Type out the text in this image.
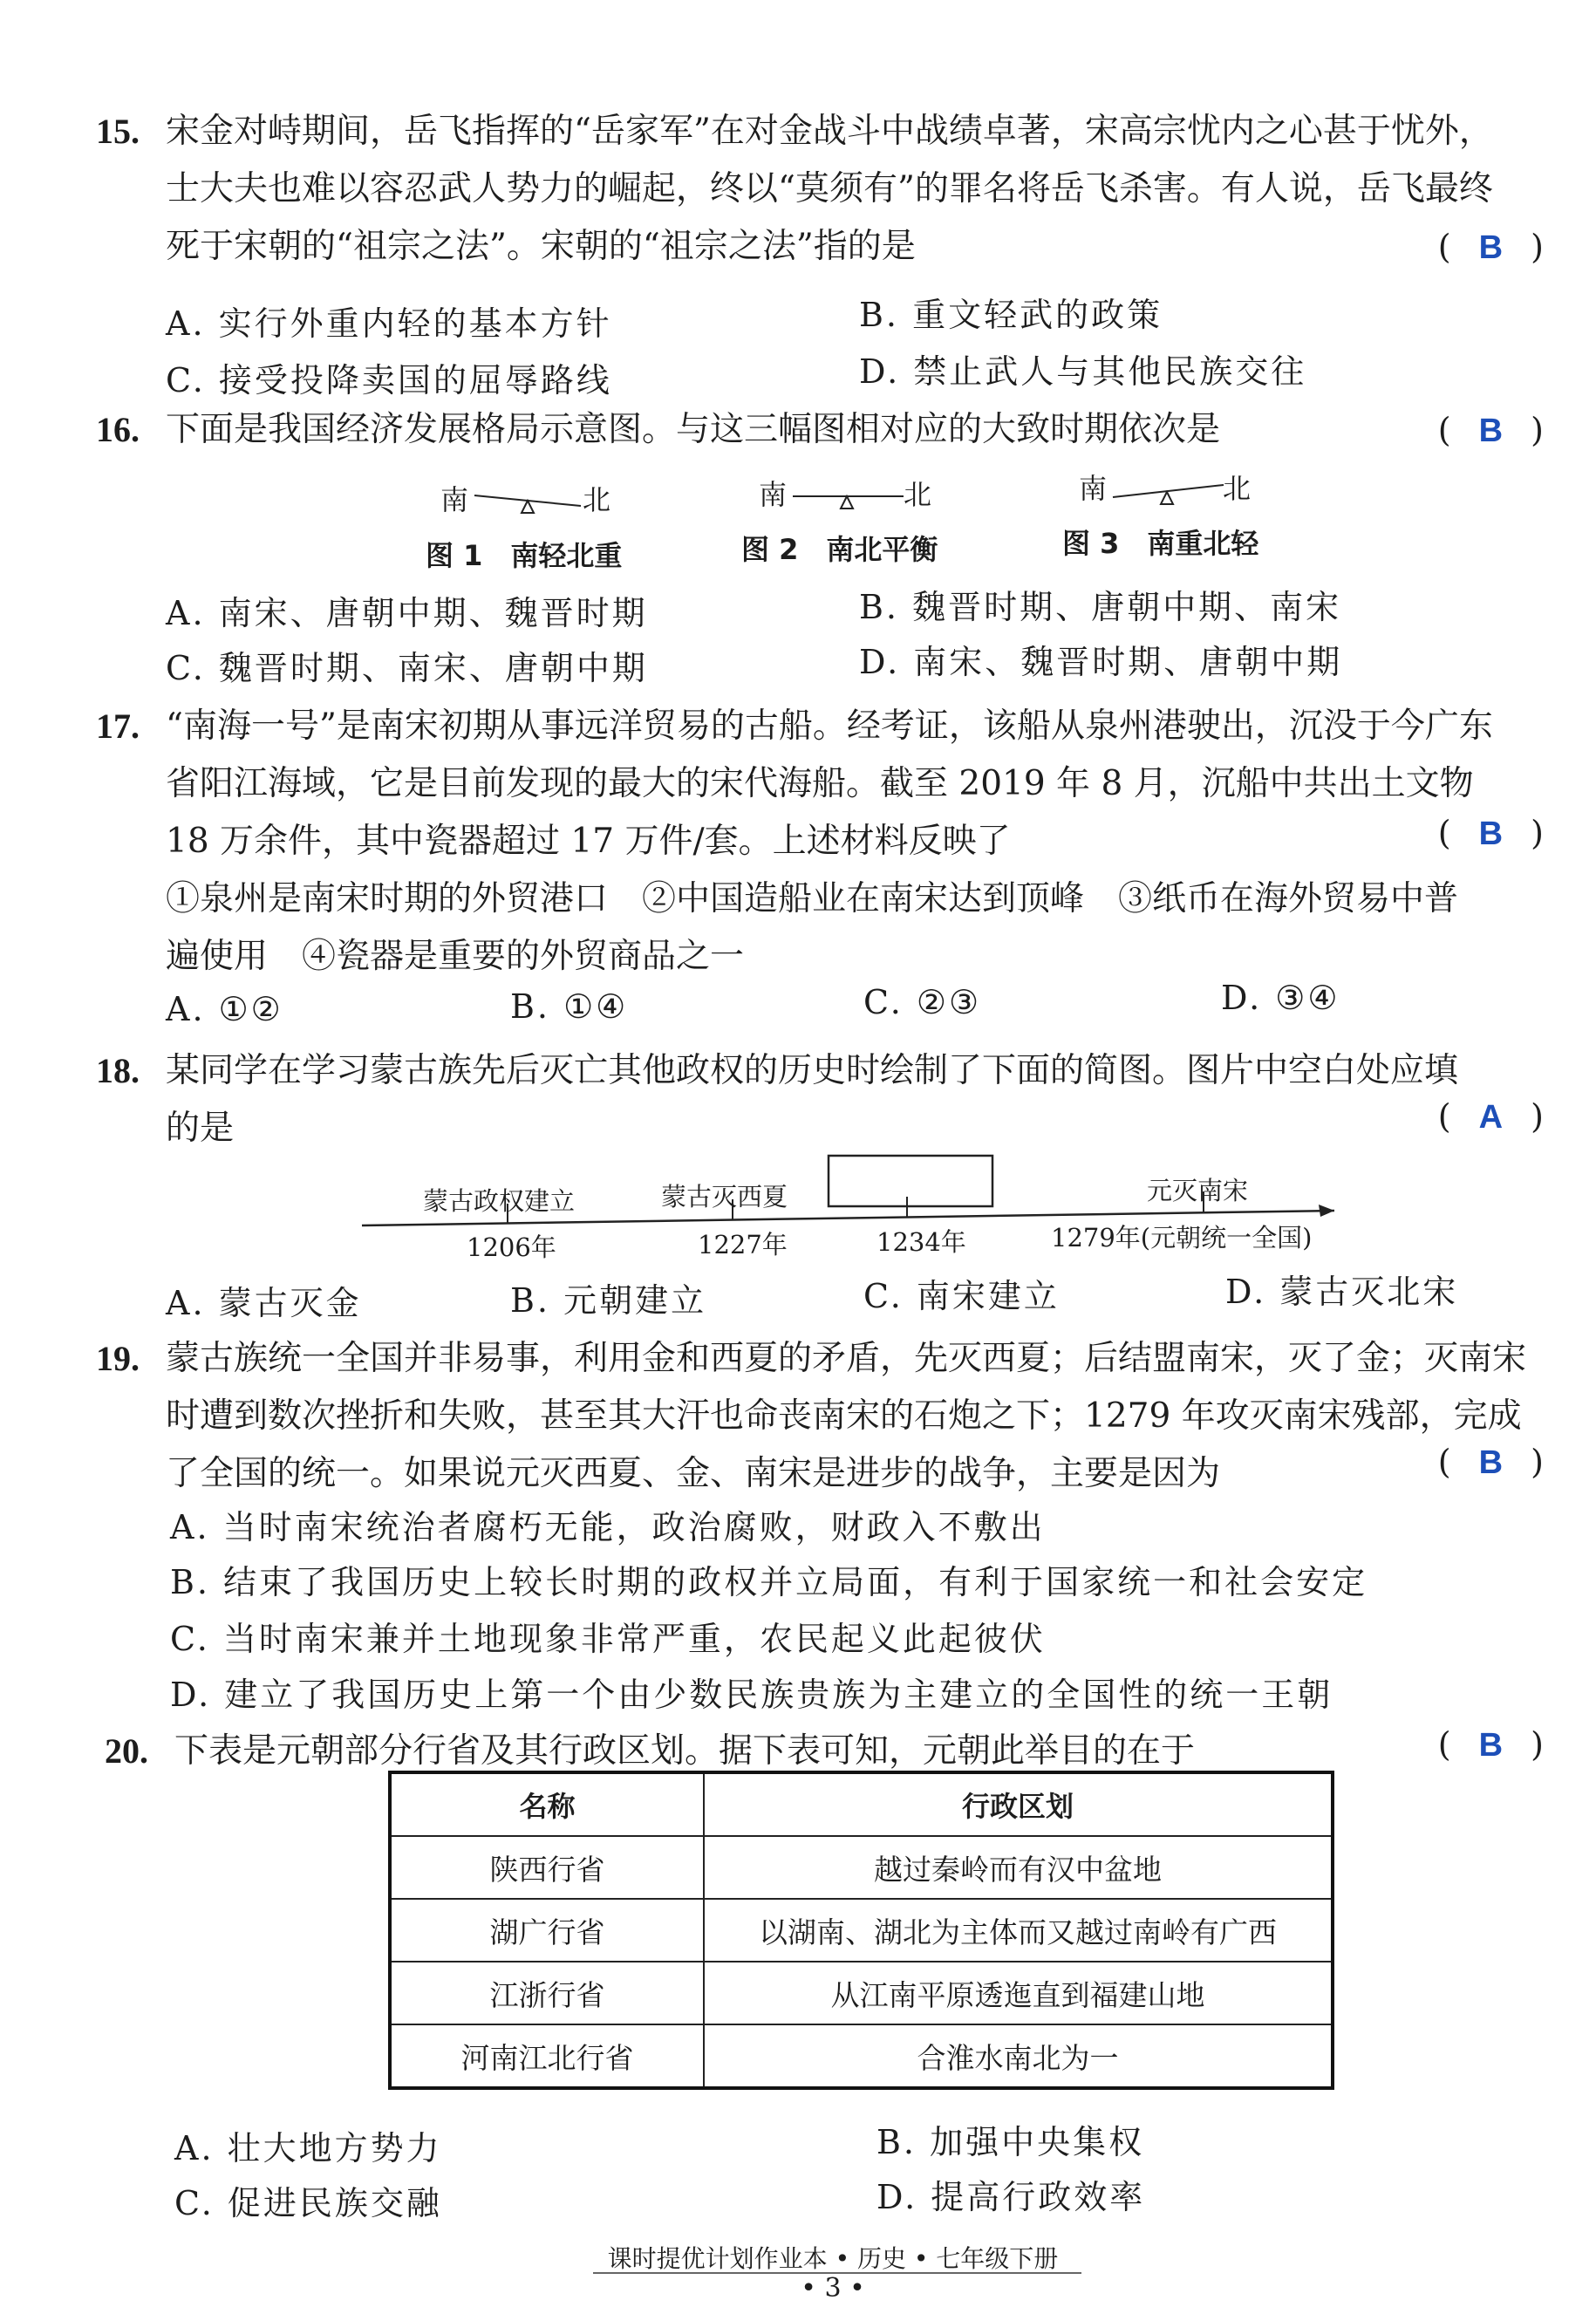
15. 宋金对峙期间，岳飞指挥的“岳家军”在对金战斗中战绩卓著，宋高宗忧内之心甚于忧外，
士大夫也难以容忍武人势力的崛起，终以“莫须有”的罪名将岳飞杀害。有人说，岳飞最终
死于宋朝的“祖宗之法”。宋朝的“祖宗之法”指的是	( B )
A. 实行外重内轻的基本方针	B. 重文轻武的政策
C. 接受投降卖国的屈辱路线	D. 禁止武人与其他民族交往
16. 下面是我国经济发展格局示意图。与这三幅图相对应的大致时期依次是	( B )
南	北
图 1　南轻北重
南	北
图 2　南北平衡
南	北
图 3　南重北轻
A. 南宋、唐朝中期、魏晋时期	B. 魏晋时期、唐朝中期、南宋
C. 魏晋时期、南宋、唐朝中期	D. 南宋、魏晋时期、唐朝中期
17. “南海一号”是南宋初期从事远洋贸易的古船。经考证，该船从泉州港驶出，沉没于今广东
省阳江海域，它是目前发现的最大的宋代海船。截至 2019 年 8 月，沉船中共出土文物
18 万余件，其中瓷器超过 17 万件/套。上述材料反映了
①泉州是南宋时期的外贸港口　②中国造船业在南宋达到顶峰　③纸币在海外贸易中普
遍使用　④瓷器是重要的外贸商品之一
( B )
A. ①②	B. ①④	C. ②③	D. ③④
18. 某同学在学习蒙古族先后灭亡其他政权的历史时绘制了下面的简图。图片中空白处应填
的是	( A )
蒙古政权建立
1206年
蒙古灭西夏
1227年	1234年
元灭南宋
1279年(元朝统一全国)
A. 蒙古灭金	B. 元朝建立	C. 南宋建立	D. 蒙古灭北宋
19. 蒙古族统一全国并非易事，利用金和西夏的矛盾，先灭西夏；后结盟南宋，灭了金；灭南宋
时遭到数次挫折和失败，甚至其大汗也命丧南宋的石炮之下；1279 年攻灭南宋残部，完成
了全国的统一。如果说元灭西夏、金、南宋是进步的战争，主要是因为	( B )
A. 当时南宋统治者腐朽无能，政治腐败，财政入不敷出
B. 结束了我国历史上较长时期的政权并立局面，有利于国家统一和社会安定
C. 当时南宋兼并土地现象非常严重，农民起义此起彼伏
D. 建立了我国历史上第一个由少数民族贵族为主建立的全国性的统一王朝
20. 下表是元朝部分行省及其行政区划。据下表可知，元朝此举目的在于	( B )
名称	行政区划
陕西行省	越过秦岭而有汉中盆地
湖广行省	以湖南、湖北为主体而又越过南岭有广西
江浙行省	从江南平原透迤直到福建山地
河南江北行省	合淮水南北为一
A. 壮大地方势力	B. 加强中央集权
C. 促进民族交融	D. 提高行政效率
课时提优计划作业本 • 历史 • 七年级下册
• 3 •
